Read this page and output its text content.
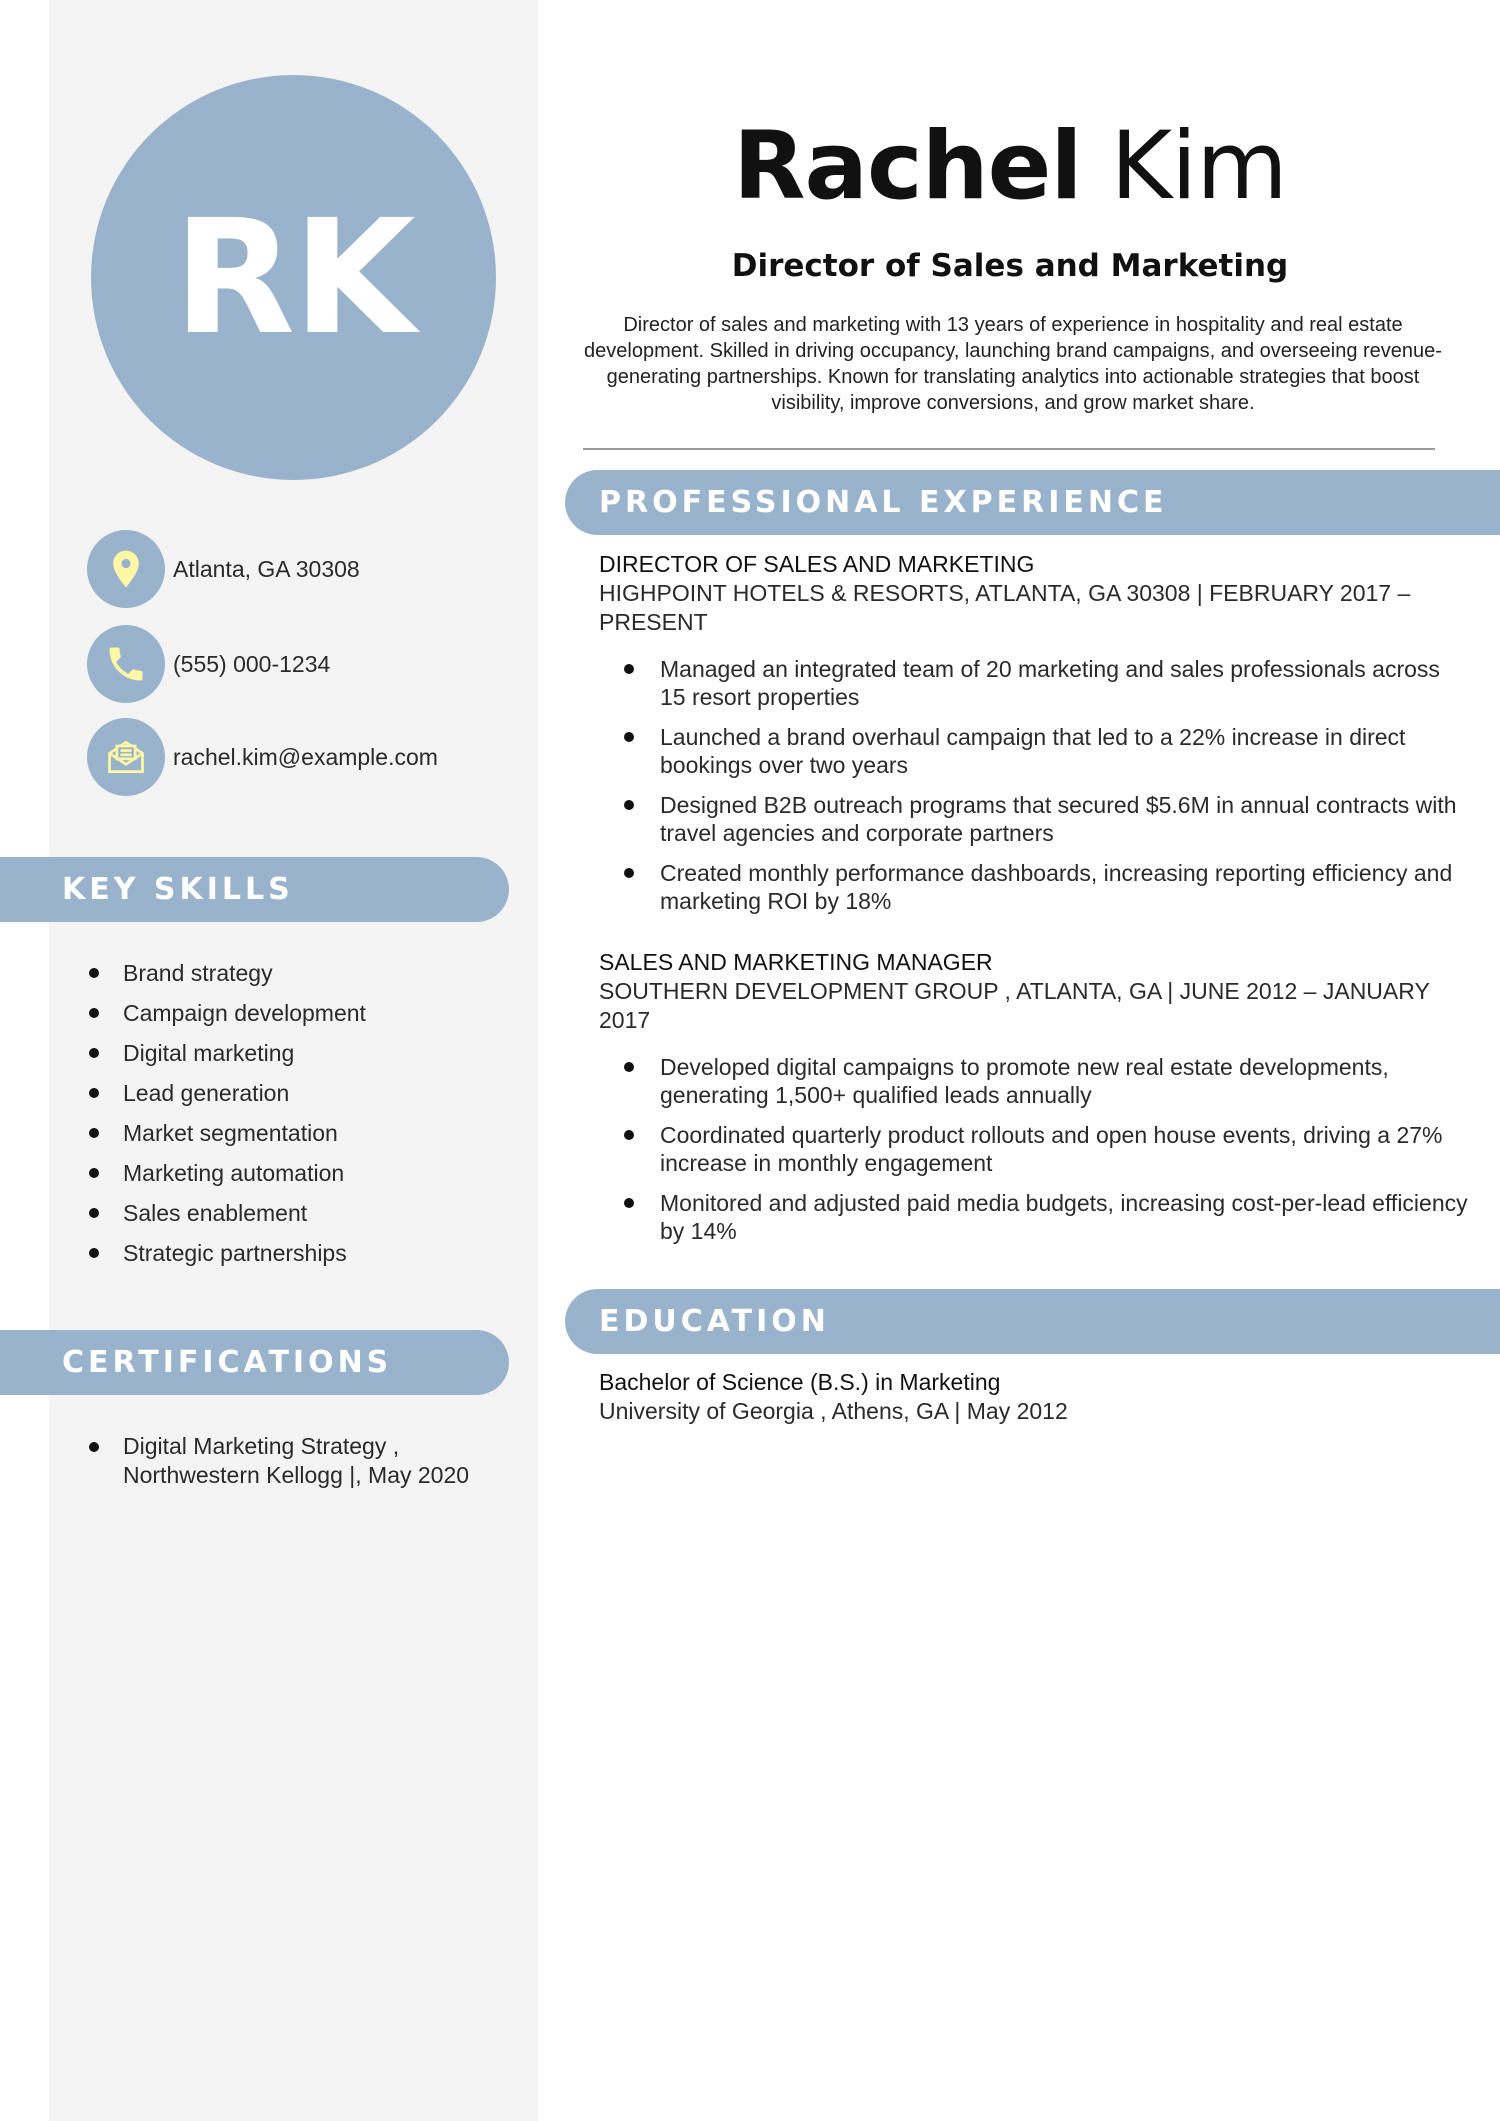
RK
Atlanta, GA 30308
(555) 000-1234
rachel.kim@example.com
KEY SKILLS
Brand strategy
Campaign development
Digital marketing
Lead generation
Market segmentation
Marketing automation
Sales enablement
Strategic partnerships
CERTIFICATIONS
Digital Marketing Strategy , Northwestern Kellogg |, May 2020
Rachel Kim
Director of Sales and Marketing
Director of sales and marketing with 13 years of experience in hospitality and real estate development. Skilled in driving occupancy, launching brand campaigns, and overseeing revenue-generating partnerships. Known for translating analytics into actionable strategies that boost visibility, improve conversions, and grow market share.
PROFESSIONAL EXPERIENCE
DIRECTOR OF SALES AND MARKETING
HIGHPOINT HOTELS & RESORTS, ATLANTA, GA 30308 | FEBRUARY 2017 – PRESENT
Managed an integrated team of 20 marketing and sales professionals across 15 resort properties
Launched a brand overhaul campaign that led to a 22% increase in direct bookings over two years
Designed B2B outreach programs that secured $5.6M in annual contracts with travel agencies and corporate partners
Created monthly performance dashboards, increasing reporting efficiency and marketing ROI by 18%
SALES AND MARKETING MANAGER
SOUTHERN DEVELOPMENT GROUP , ATLANTA, GA | JUNE 2012 – JANUARY 2017
Developed digital campaigns to promote new real estate developments, generating 1,500+ qualified leads annually
Coordinated quarterly product rollouts and open house events, driving a 27% increase in monthly engagement
Monitored and adjusted paid media budgets, increasing cost-per-lead efficiency by 14%
EDUCATION
Bachelor of Science (B.S.) in Marketing
University of Georgia , Athens, GA | May 2012
